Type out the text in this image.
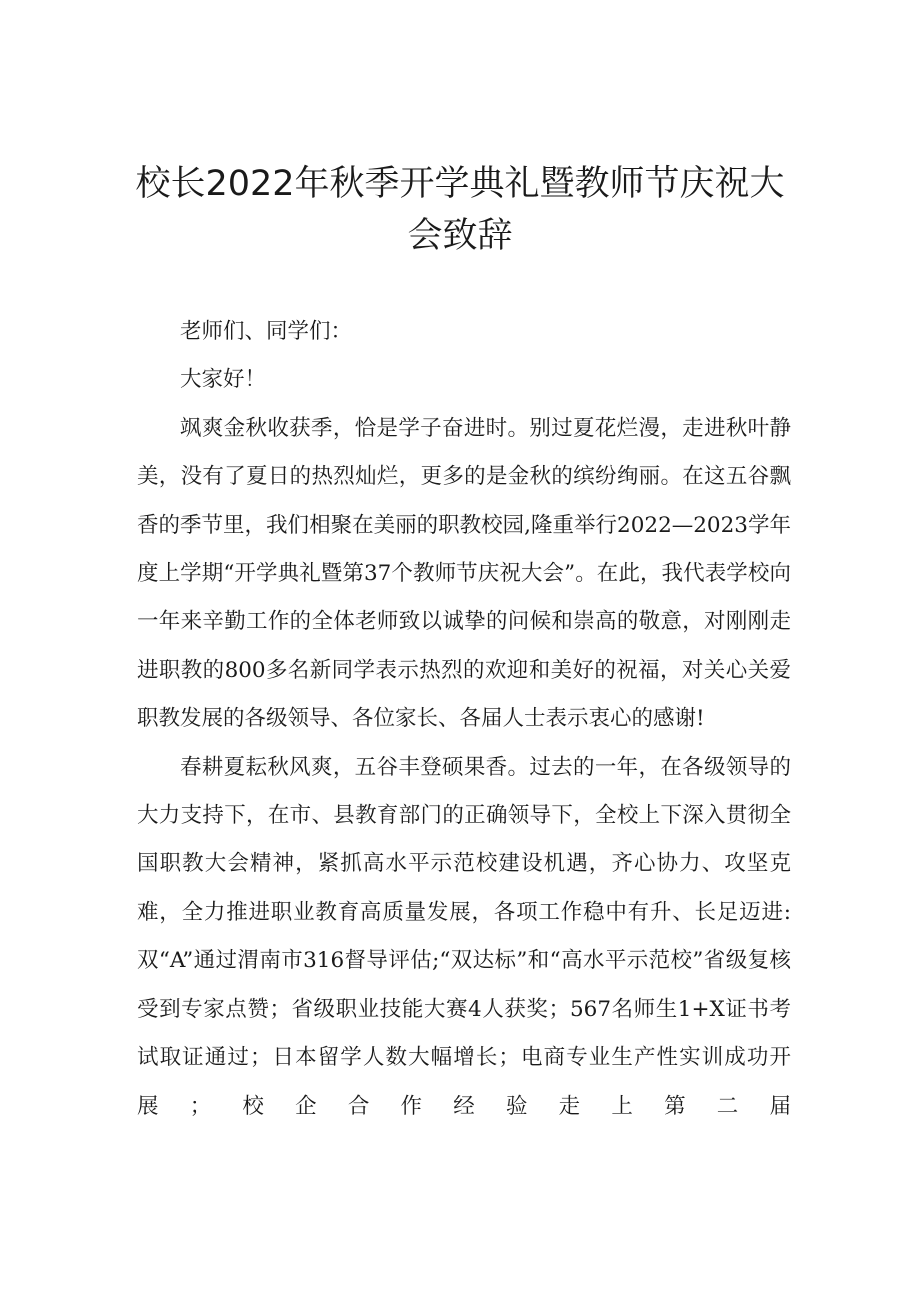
校长2022年秋季开学典礼暨教师节庆祝大会致辞

老师们、同学们：

大家好！

飒爽金秋收获季，恰是学子奋进时。别过夏花烂漫，走进秋叶静美，没有了夏日的热烈灿烂，更多的是金秋的缤纷绚丽。在这五谷飘香的季节里，我们相聚在美丽的职教校园,隆重举行2022—2023学年度上学期“开学典礼暨第37个教师节庆祝大会”。在此，我代表学校向一年来辛勤工作的全体老师致以诚挚的问候和崇高的敬意，对刚刚走进职教的800多名新同学表示热烈的欢迎和美好的祝福，对关心关爱职教发展的各级领导、各位家长、各届人士表示衷心的感谢!

春耕夏耘秋风爽，五谷丰登硕果香。过去的一年，在各级领导的大力支持下，在市、县教育部门的正确领导下，全校上下深入贯彻全国职教大会精神，紧抓高水平示范校建设机遇，齐心协力、攻坚克难，全力推进职业教育高质量发展，各项工作稳中有升、长足迈进:双“A”通过渭南市316督导评估;“双达标”和“高水平示范校”省级复核受到专家点赞；省级职业技能大赛4人获奖；567名师生1+X证书考试取证通过；日本留学人数大幅增长；电商专业生产性实训成功开展；校企合作经验走上第二届
